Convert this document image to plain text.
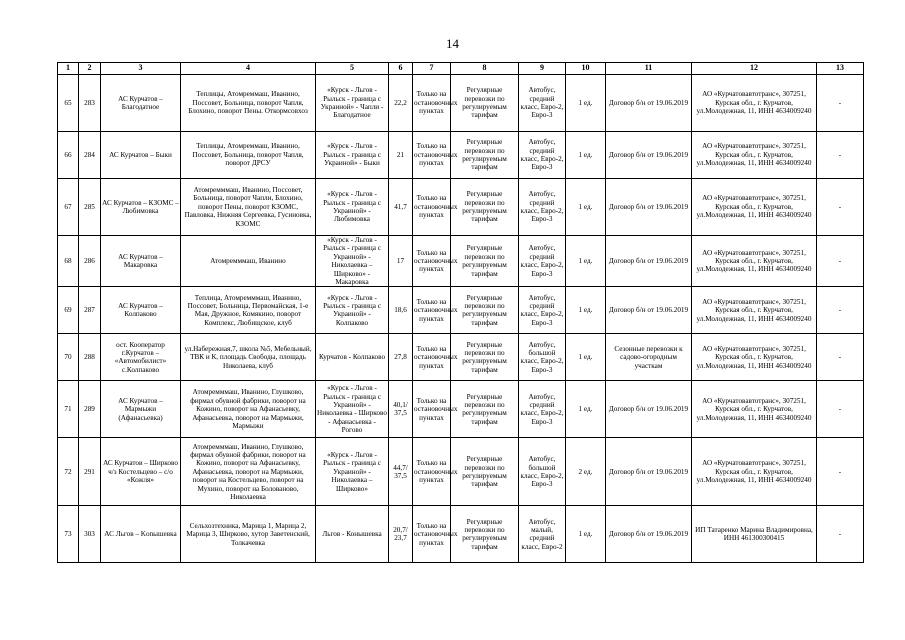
14
1	2	3	4	5	6	7	8	9	10	11	12	13
65	283	АС Курчатов – Благодатное	Теплицы, Атомреммаш, Иванино, Поссовет, Больница, поворот Чапля, Блохино, поворот Пены. Откормсовхоз	«Курск - Льгов - Рыльск - граница с Украиной» - Чапли - Благодатное	22,2	Только на остановочных пунктах	Регулярные перевозки по регулируемым тарифам	Автобус, средний класс, Евро-2, Евро-3	1 ед.	Договор б/н от 19.06.2019	АО «Курчатовавтотранс», 307251, Курская обл., г. Курчатов, ул.Молодежная, 11, ИНН 4634009240	-
66	284	АС Курчатов – Быки	Теплицы, Атомреммаш, Иванино, Поссовет, Больница, поворот Чапля, поворот ДРСУ	«Курск - Льгов - Рыльск - граница с Украиной» - Быки	21	Только на остановочных пунктах	Регулярные перевозки по регулируемым тарифам	Автобус, средний класс, Евро-2, Евро-3	1 ед.	Договор б/н от 19.06.2019	АО «Курчатовавтотранс», 307251, Курская обл., г. Курчатов, ул.Молодежная, 11, ИНН 4634009240	-
67	285	АС Курчатов – КЗОМС – Любимовка	Атомремммаш, Иванино, Поссовет, Больница, поворот Чапли, Блохино, поворот Пены, поворот КЗОМС, Павловка, Нижняя Сергеевка, Гусиновка, КЗОМС	«Курск - Льгов - Рыльск - граница с Украиной» - Любимовка	41,7	Только на остановочных пунктах	Регулярные перевозки по регулируемым тарифам	Автобус, средний класс, Евро-2, Евро-3	1 ед.	Договор б/н от 19.06.2019	АО «Курчатовавтотранс», 307251, Курская обл., г. Курчатов, ул.Молодежная, 11, ИНН 4634009240	-
68	286	АС Курчатов – Макаровка	Атомремммаш, Иванино	«Курск - Льгов - Рыльск - граница с Украиной» - Николаевка – Ширково» - Макаровка	17	Только на остановочных пунктах	Регулярные перевозки по регулируемым тарифам	Автобус, средний класс, Евро-2, Евро-3	1 ед.	Договор б/н от 19.06.2019	АО «Курчатовавтотранс», 307251, Курская обл., г. Курчатов, ул.Молодежная, 11, ИНН 4634009240	-
69	287	АС Курчатов – Колпаково	Теплица, Атомремммаш, Иванино, Поссовет, Больница, Первомайская, 1-е Мая, Дружное, Комякино, поворот Комплекс, Любищское, клуб	«Курск - Льгов - Рыльск - граница с Украиной» - Колпаково	18,6	Только на остановочных пунктах	Регулярные перевозки по регулируемым тарифам	Автобус, средний класс, Евро-2, Евро-3	1 ед.	Договор б/н от 19.06.2019	АО «Курчатовавтотранс», 307251, Курская обл., г. Курчатов, ул.Молодежная, 11, ИНН 4634009240	-
70	288	ост. Кооператор г.Курчатов – «Автомобилист» с.Колпаково	ул.Набережная,7, школа №5, Мебельный, ТВК и К, площадь Свободы, площадь Николаева, клуб	Курчатов - Колпаково	27,8	Только на остановочных пунктах	Регулярные перевозки по регулируемым тарифам	Автобус, большой класс, Евро-2, Евро-3	1 ед.	Сезонные перевозки к садово-огородным участкам	АО «Курчатовавтотранс», 307251, Курская обл., г. Курчатов, ул.Молодежная, 11, ИНН 4634009240	-
71	289	АС Курчатов – Мармыжи (Афанасьевка)	Атомремммаш, Иванино, Глушково, фирмал обувной фабрики, поворот на Кожино, поворот на Афанасьевку, Афанасьевка, поворот на Мармыжи, Мармыжи	«Курск - Льгов - Рыльск - граница с Украиной» - Николаевка - Ширково - Афанасьевка - Рогово	40,1/ 37,5	Только на остановочных пунктах	Регулярные перевозки по регулируемым тарифам	Автобус, средний класс, Евро-2, Евро-3	1 ед.	Договор б/н от 19.06.2019	АО «Курчатовавтотранс», 307251, Курская обл., г. Курчатов, ул.Молодежная, 11, ИНН 4634009240	-
72	291	АС Курчатов – Ширково ч/з Костельцево – с/о «Кожля»	Атомремммаш, Иванино, Глушково, фирмал обувной фабрики, поворот на Кожино, поворот на Афанасьевку, Афанасьевка, поворот на Мармыжи, поворот на Костельцево, поворот на Мухино, поворот на Болованово, Николаевка	«Курск - Льгов - Рыльск - граница с Украиной» - Николаевка – Ширково»	44,7/ 37,5	Только на остановочных пунктах	Регулярные перевозки по регулируемым тарифам	Автобус, большой класс, Евро-2, Евро-3	2 ед.	Договор б/н от 19.06.2019	АО «Курчатовавтотранс», 307251, Курская обл., г. Курчатов, ул.Молодежная, 11, ИНН 4634009240	-
73	303	АС Льгов – Konышевка	Сельхозтехника, Марица 1, Марица 2, Марица 3, Ширково, хутор Заветенский, Толкачевка	Льгов - Конышевка	20,7/ 23,7	Только на остановочных пунктах	Регулярные перевозки по регулируемым тарифам	Автобус, малый, средний класс, Евро-2	1 ед.	Договор б/н от 19.06.2019	ИП Татаренко Марина Владимировна, ИНН 461300300415	-
